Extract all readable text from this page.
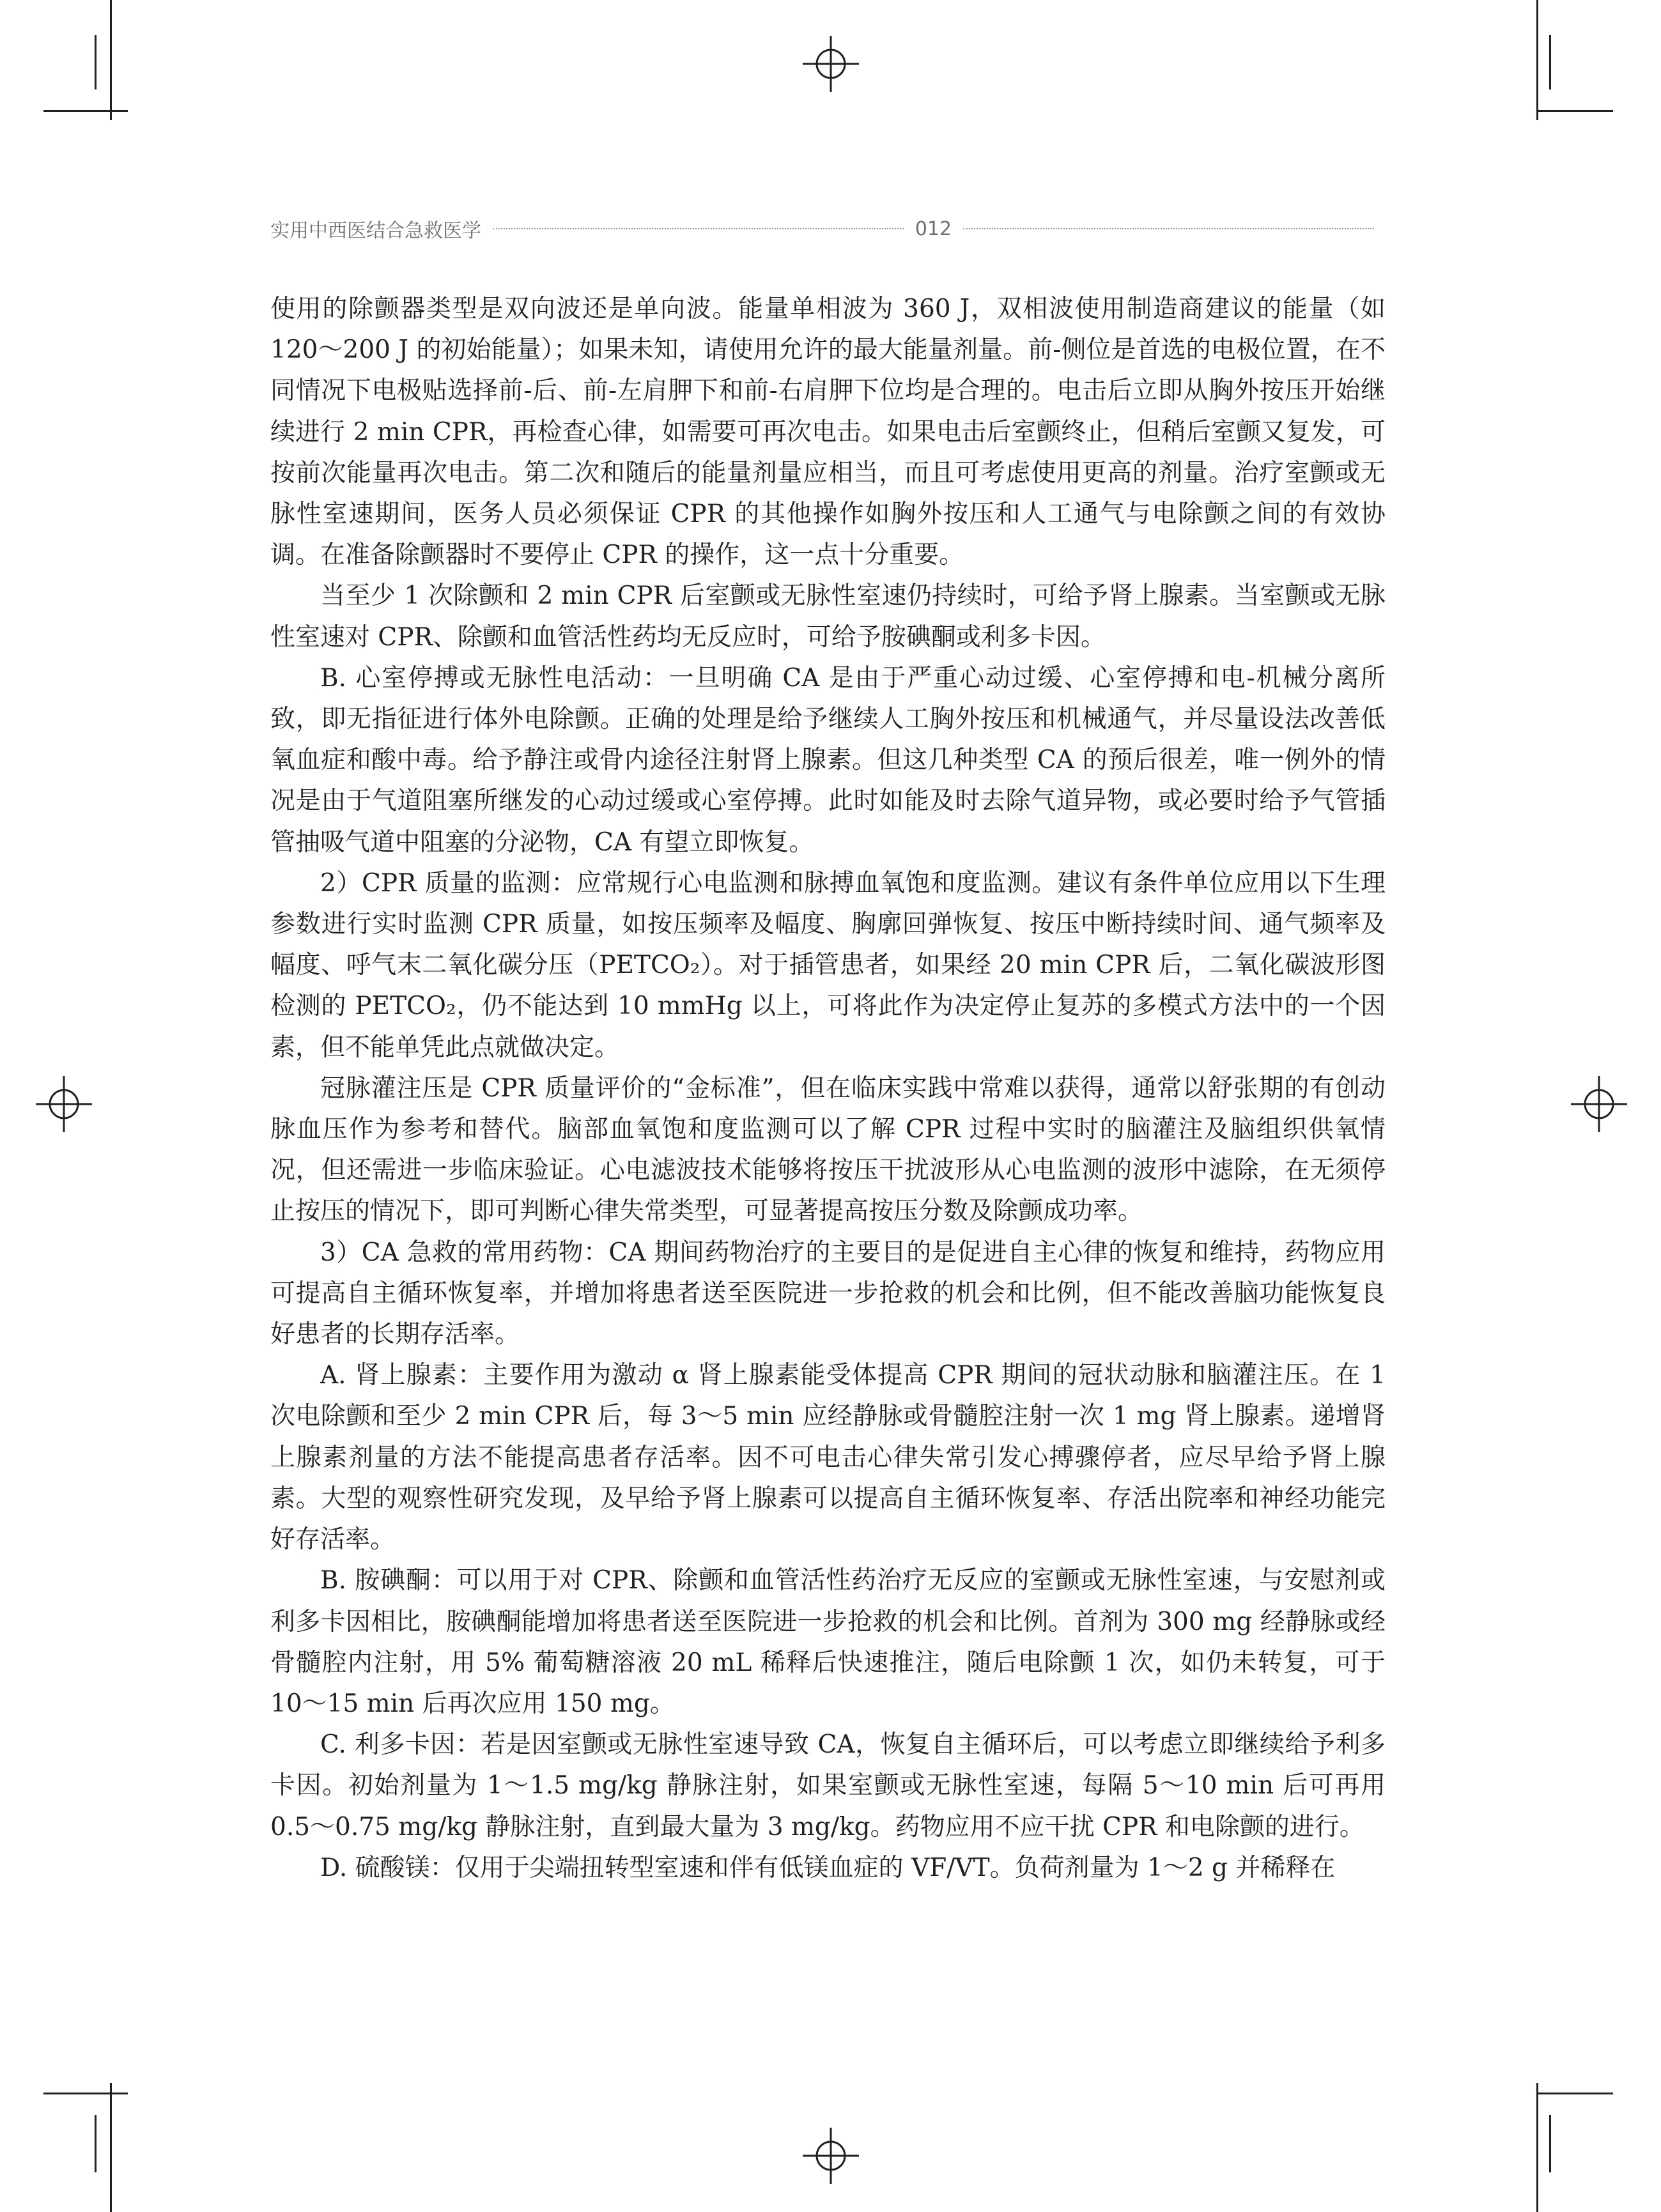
实用中西医结合急救医学	012

使用的除颤器类型是双向波还是单向波。能量单相波为 360 J，双相波使用制造商建议的能量（如 120～200 J 的初始能量）；如果未知，请使用允许的最大能量剂量。前-侧位是首选的电极位置，在不同情况下电极贴选择前-后、前-左肩胛下和前-右肩胛下位均是合理的。电击后立即从胸外按压开始继续进行 2 min CPR，再检查心律，如需要可再次电击。如果电击后室颤终止，但稍后室颤又复发，可按前次能量再次电击。第二次和随后的能量剂量应相当，而且可考虑使用更高的剂量。治疗室颤或无脉性室速期间，医务人员必须保证 CPR 的其他操作如胸外按压和人工通气与电除颤之间的有效协调。在准备除颤器时不要停止 CPR 的操作，这一点十分重要。

当至少 1 次除颤和 2 min CPR 后室颤或无脉性室速仍持续时，可给予肾上腺素。当室颤或无脉性室速对 CPR、除颤和血管活性药均无反应时，可给予胺碘酮或利多卡因。

B. 心室停搏或无脉性电活动：一旦明确 CA 是由于严重心动过缓、心室停搏和电-机械分离所致，即无指征进行体外电除颤。正确的处理是给予继续人工胸外按压和机械通气，并尽量设法改善低氧血症和酸中毒。给予静注或骨内途径注射肾上腺素。但这几种类型 CA 的预后很差，唯一例外的情况是由于气道阻塞所继发的心动过缓或心室停搏。此时如能及时去除气道异物，或必要时给予气管插管抽吸气道中阻塞的分泌物，CA 有望立即恢复。

2）CPR 质量的监测：应常规行心电监测和脉搏血氧饱和度监测。建议有条件单位应用以下生理参数进行实时监测 CPR 质量，如按压频率及幅度、胸廓回弹恢复、按压中断持续时间、通气频率及幅度、呼气末二氧化碳分压（PETCO₂）。对于插管患者，如果经 20 min CPR 后，二氧化碳波形图检测的 PETCO₂，仍不能达到 10 mmHg 以上，可将此作为决定停止复苏的多模式方法中的一个因素，但不能单凭此点就做决定。

冠脉灌注压是 CPR 质量评价的“金标准”，但在临床实践中常难以获得，通常以舒张期的有创动脉血压作为参考和替代。脑部血氧饱和度监测可以了解 CPR 过程中实时的脑灌注及脑组织供氧情况，但还需进一步临床验证。心电滤波技术能够将按压干扰波形从心电监测的波形中滤除，在无须停止按压的情况下，即可判断心律失常类型，可显著提高按压分数及除颤成功率。

3）CA 急救的常用药物：CA 期间药物治疗的主要目的是促进自主心律的恢复和维持，药物应用可提高自主循环恢复率，并增加将患者送至医院进一步抢救的机会和比例，但不能改善脑功能恢复良好患者的长期存活率。

A. 肾上腺素：主要作用为激动 α 肾上腺素能受体提高 CPR 期间的冠状动脉和脑灌注压。在 1 次电除颤和至少 2 min CPR 后，每 3～5 min 应经静脉或骨髓腔注射一次 1 mg 肾上腺素。递增肾上腺素剂量的方法不能提高患者存活率。因不可电击心律失常引发心搏骤停者，应尽早给予肾上腺素。大型的观察性研究发现，及早给予肾上腺素可以提高自主循环恢复率、存活出院率和神经功能完好存活率。

B. 胺碘酮：可以用于对 CPR、除颤和血管活性药治疗无反应的室颤或无脉性室速，与安慰剂或利多卡因相比，胺碘酮能增加将患者送至医院进一步抢救的机会和比例。首剂为 300 mg 经静脉或经骨髓腔内注射，用 5% 葡萄糖溶液 20 mL 稀释后快速推注，随后电除颤 1 次，如仍未转复，可于 10～15 min 后再次应用 150 mg。

C. 利多卡因：若是因室颤或无脉性室速导致 CA，恢复自主循环后，可以考虑立即继续给予利多卡因。初始剂量为 1～1.5 mg/kg 静脉注射，如果室颤或无脉性室速，每隔 5～10 min 后可再用 0.5～0.75 mg/kg 静脉注射，直到最大量为 3 mg/kg。药物应用不应干扰 CPR 和电除颤的进行。

D. 硫酸镁：仅用于尖端扭转型室速和伴有低镁血症的 VF/VT。负荷剂量为 1～2 g 并稀释在
